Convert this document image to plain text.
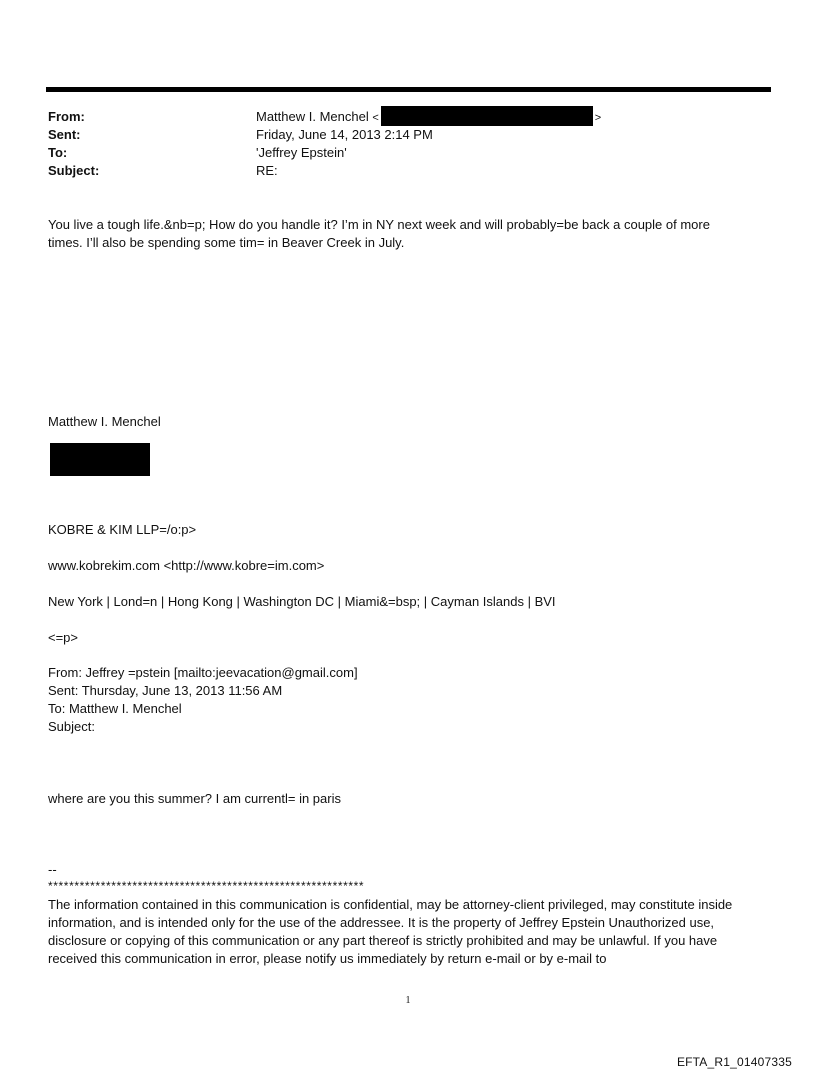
From:	Matthew I. Menchel <	>
Sent:	Friday, June 14, 2013 2:14 PM
To:	'Jeffrey Epstein'
Subject:	RE:
You live a tough life.&nb=p; How do you handle it? I’m in NY next week and will probably=be back a couple of more
times. I’ll also be spending some tim= in Beaver Creek in July.
Matthew I. Menchel
KOBRE & KIM LLP=/o:p>
www.kobrekim.com <http://www.kobre=im.com>
New York | Lond=n | Hong Kong | Washington DC | Miami&=bsp; | Cayman Islands | BVI
<=p>
From: Jeffrey =pstein [mailto:jeevacation@gmail.com]
Sent: Thursday, June 13, 2013 11:56 AM
To: Matthew I. Menchel
Subject:
where are you this summer? I am currentl= in paris
--
************************************************************
The information contained in this communication is confidential, may be attorney-client privileged, may constitute inside information, and is intended only for the use of the addressee. It is the property of Jeffrey Epstein Unauthorized use, disclosure or copying of this communication or any part thereof is strictly prohibited and may be unlawful. If you have received this communication in error, please notify us immediately by return e-mail or by e-mail to
1
EFTA_R1_01407335
